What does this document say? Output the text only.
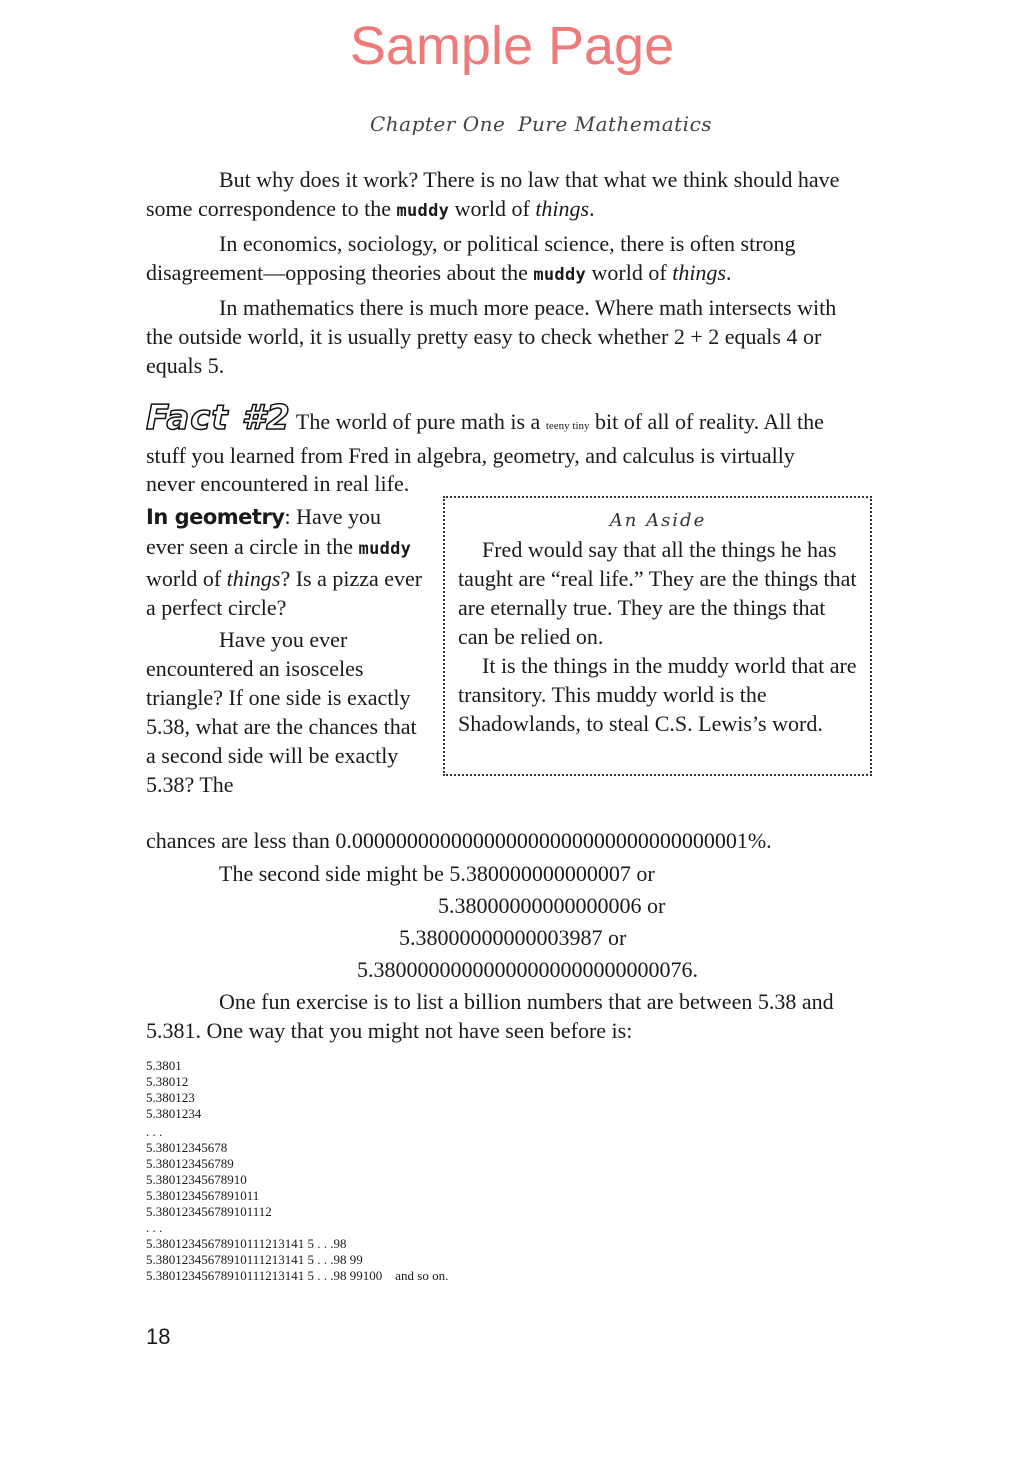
Sample Page
Chapter One Pure Mathematics

But why does it work? There is no law that what we think should have some correspondence to the muddy world of things.

In economics, sociology, or political science, there is often strong disagreement—opposing theories about the muddy world of things.

In mathematics there is much more peace. Where math intersects with the outside world, it is usually pretty easy to check whether 2 + 2 equals 4 or equals 5.

Fact #2 The world of pure math is a teeny tiny bit of all of reality. All the stuff you learned from Fred in algebra, geometry, and calculus is virtually

never encountered in real life.

In geometry: Have you ever seen a circle in the muddy world of things? Is a pizza ever a perfect circle?

Have you ever encountered an isosceles triangle? If one side is exactly 5.38, what are the chances that a second side will be exactly 5.38? The

An Aside

Fred would say that all the things he has taught are “real life.” They are the things that are eternally true. They are the things that can be relied on.

It is the things in the muddy world that are transitory. This muddy world is the Shadowlands, to steal C.S. Lewis’s word.

chances are less than 0.000000000000000000000000000000000001%.
The second side might be 5.380000000000007 or
5.38000000000000006 or
5.38000000000003987 or
5.38000000000000000000000000076.

One fun exercise is to list a billion numbers that are between 5.38 and 5.381. One way that you might not have seen before is:

5.3801
5.38012
5.380123
5.3801234
. . .
5.38012345678
5.380123456789
5.38012345678910
5.3801234567891011
5.380123456789101112
. . .
5.38012345678910111213141 5 . . .98
5.38012345678910111213141 5 . . .98 99
5.38012345678910111213141 5 . . .98 99100    and so on.
18
